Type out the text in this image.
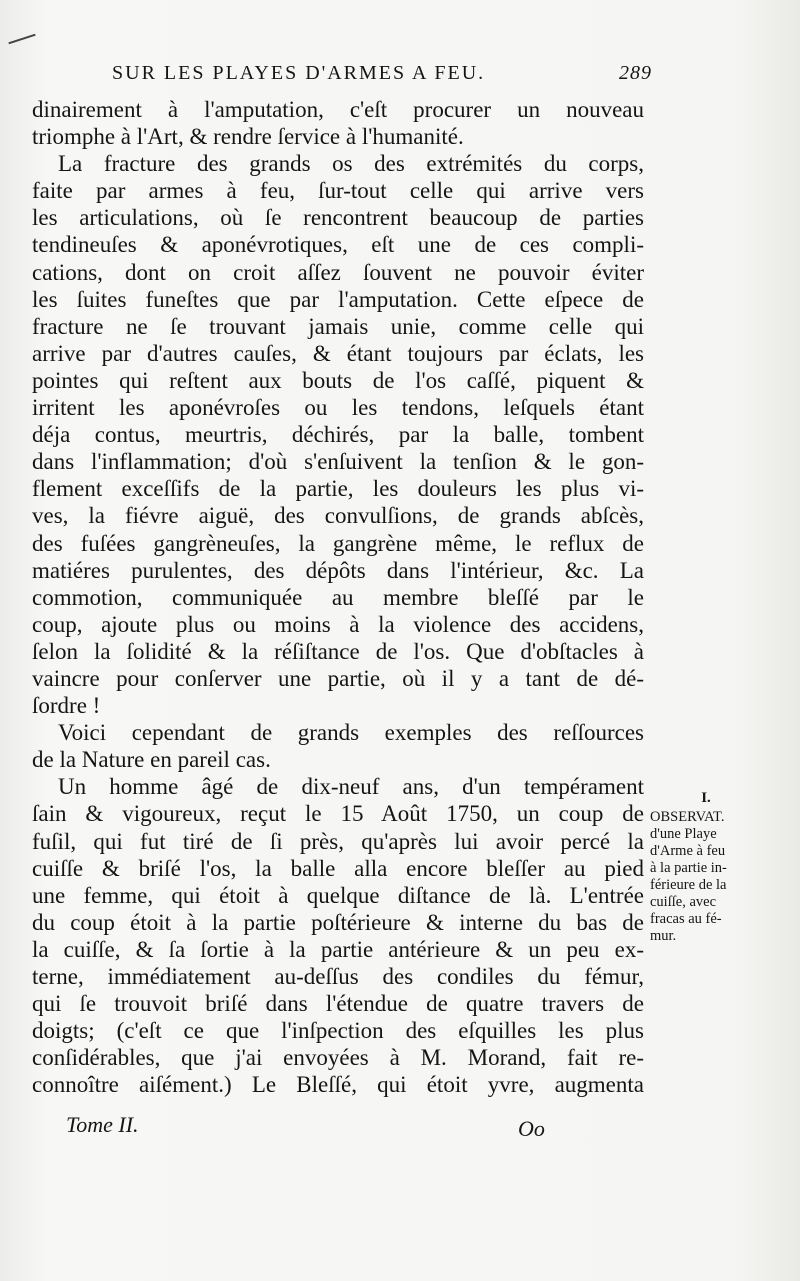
SUR LES PLAYES D'ARMES A FEU.	289
dinairement à l'amputation, c'eſt procurer un nouveau
triomphe à l'Art, & rendre ſervice à l'humanité.
La fracture des grands os des extrémités du corps,
faite par armes à feu, ſur-tout celle qui arrive vers
les articulations, où ſe rencontrent beaucoup de parties
tendineuſes & aponévrotiques, eſt une de ces compli-
cations, dont on croit aſſez ſouvent ne pouvoir éviter
les ſuites funeſtes que par l'amputation. Cette eſpece de
fracture ne ſe trouvant jamais unie, comme celle qui
arrive par d'autres cauſes, & étant toujours par éclats, les
pointes qui reſtent aux bouts de l'os caſſé, piquent &
irritent les aponévroſes ou les tendons, leſquels étant
déja contus, meurtris, déchirés, par la balle, tombent
dans l'inflammation; d'où s'enſuivent la tenſion & le gon-
flement exceſſifs de la partie, les douleurs les plus vi-
ves, la fiévre aiguë, des convulſions, de grands abſcès,
des fuſées gangrèneuſes, la gangrène même, le reflux de
matiéres purulentes, des dépôts dans l'intérieur, &c. La
commotion, communiquée au membre bleſſé par le
coup, ajoute plus ou moins à la violence des accidens,
ſelon la ſolidité & la réſiſtance de l'os. Que d'obſtacles à
vaincre pour conſerver une partie, où il y a tant de dé-
ſordre !
Voici cependant de grands exemples des reſſources
de la Nature en pareil cas.
Un homme âgé de dix-neuf ans, d'un tempérament
ſain & vigoureux, reçut le 15 Août 1750, un coup de
fuſil, qui fut tiré de ſi près, qu'après lui avoir percé la
cuiſſe & briſé l'os, la balle alla encore bleſſer au pied
une femme, qui étoit à quelque diſtance de là. L'entrée
du coup étoit à la partie poſtérieure & interne du bas de
la cuiſſe, & ſa ſortie à la partie antérieure & un peu ex-
terne, immédiatement au-deſſus des condiles du fémur,
qui ſe trouvoit briſé dans l'étendue de quatre travers de
doigts; (c'eſt ce que l'inſpection des eſquilles les plus
conſidérables, que j'ai envoyées à M. Morand, fait re-
connoître aiſément.) Le Bleſſé, qui étoit yvre, augmenta
I.
OBSERVAT.
d'une Playe
d'Arme à feu
à la partie in-
férieure de la
cuiſſe, avec
fracas au fé-
mur.
Tome II.	Oo
